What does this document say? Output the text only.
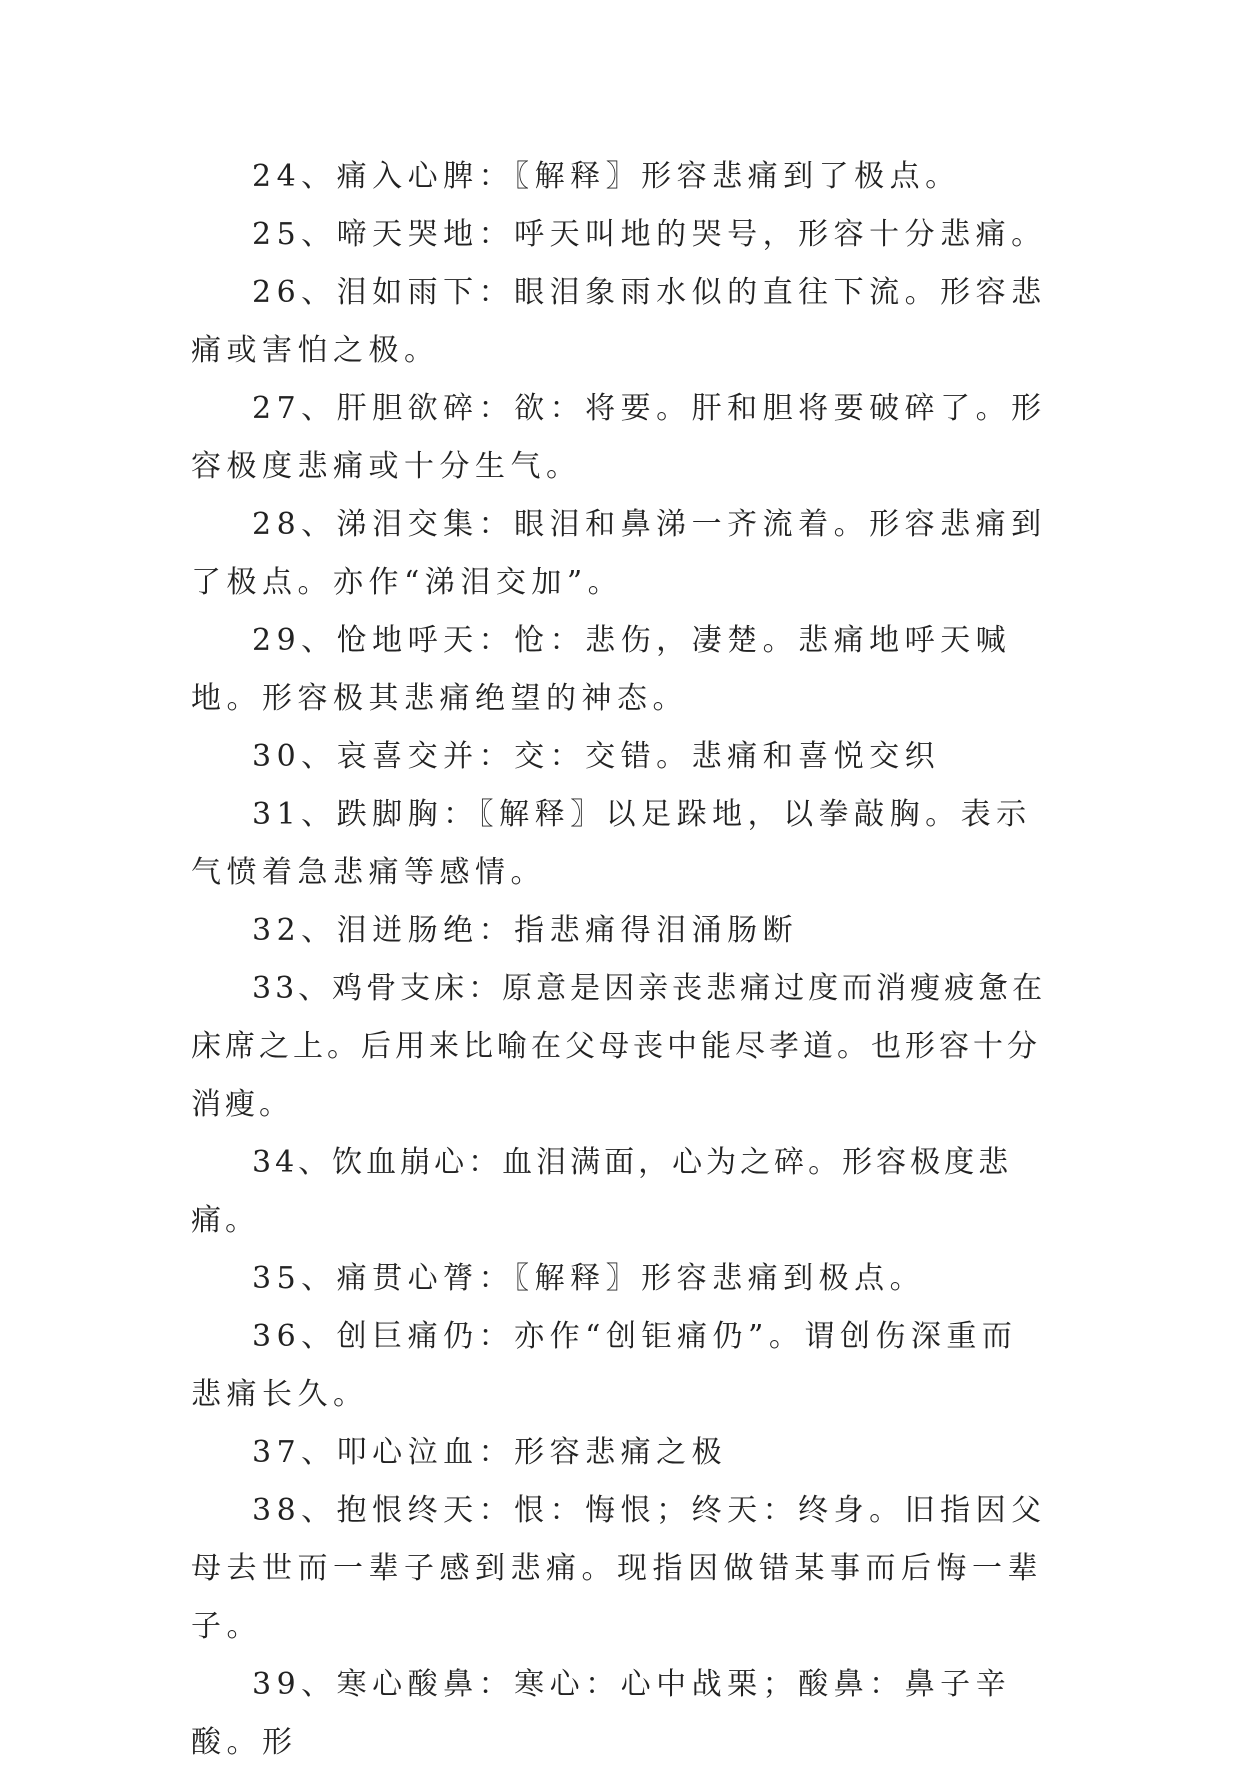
24、痛入心脾：〖解释〗形容悲痛到了极点。

25、啼天哭地：呼天叫地的哭号，形容十分悲痛。

26、泪如雨下：眼泪象雨水似的直往下流。形容悲痛或害怕之极。

27、肝胆欲碎：欲：将要。肝和胆将要破碎了。形容极度悲痛或十分生气。

28、涕泪交集：眼泪和鼻涕一齐流着。形容悲痛到了极点。亦作“涕泪交加”。

29、怆地呼天：怆：悲伤，凄楚。悲痛地呼天喊地。形容极其悲痛绝望的神态。

30、哀喜交并：交：交错。悲痛和喜悦交织

31、跌脚胸：〖解释〗以足跺地，以拳敲胸。表示气愤着急悲痛等感情。

32、泪迸肠绝：指悲痛得泪涌肠断

33、鸡骨支床：原意是因亲丧悲痛过度而消瘦疲惫在床席之上。后用来比喻在父母丧中能尽孝道。也形容十分消瘦。

34、饮血崩心：血泪满面，心为之碎。形容极度悲痛。

35、痛贯心膂：〖解释〗形容悲痛到极点。

36、创巨痛仍：亦作“创钜痛仍”。谓创伤深重而悲痛长久。

37、叩心泣血：形容悲痛之极

38、抱恨终天：恨：悔恨；终天：终身。旧指因父母去世而一辈子感到悲痛。现指因做错某事而后悔一辈子。

39、寒心酸鼻：寒心：心中战栗；酸鼻：鼻子辛酸。形
